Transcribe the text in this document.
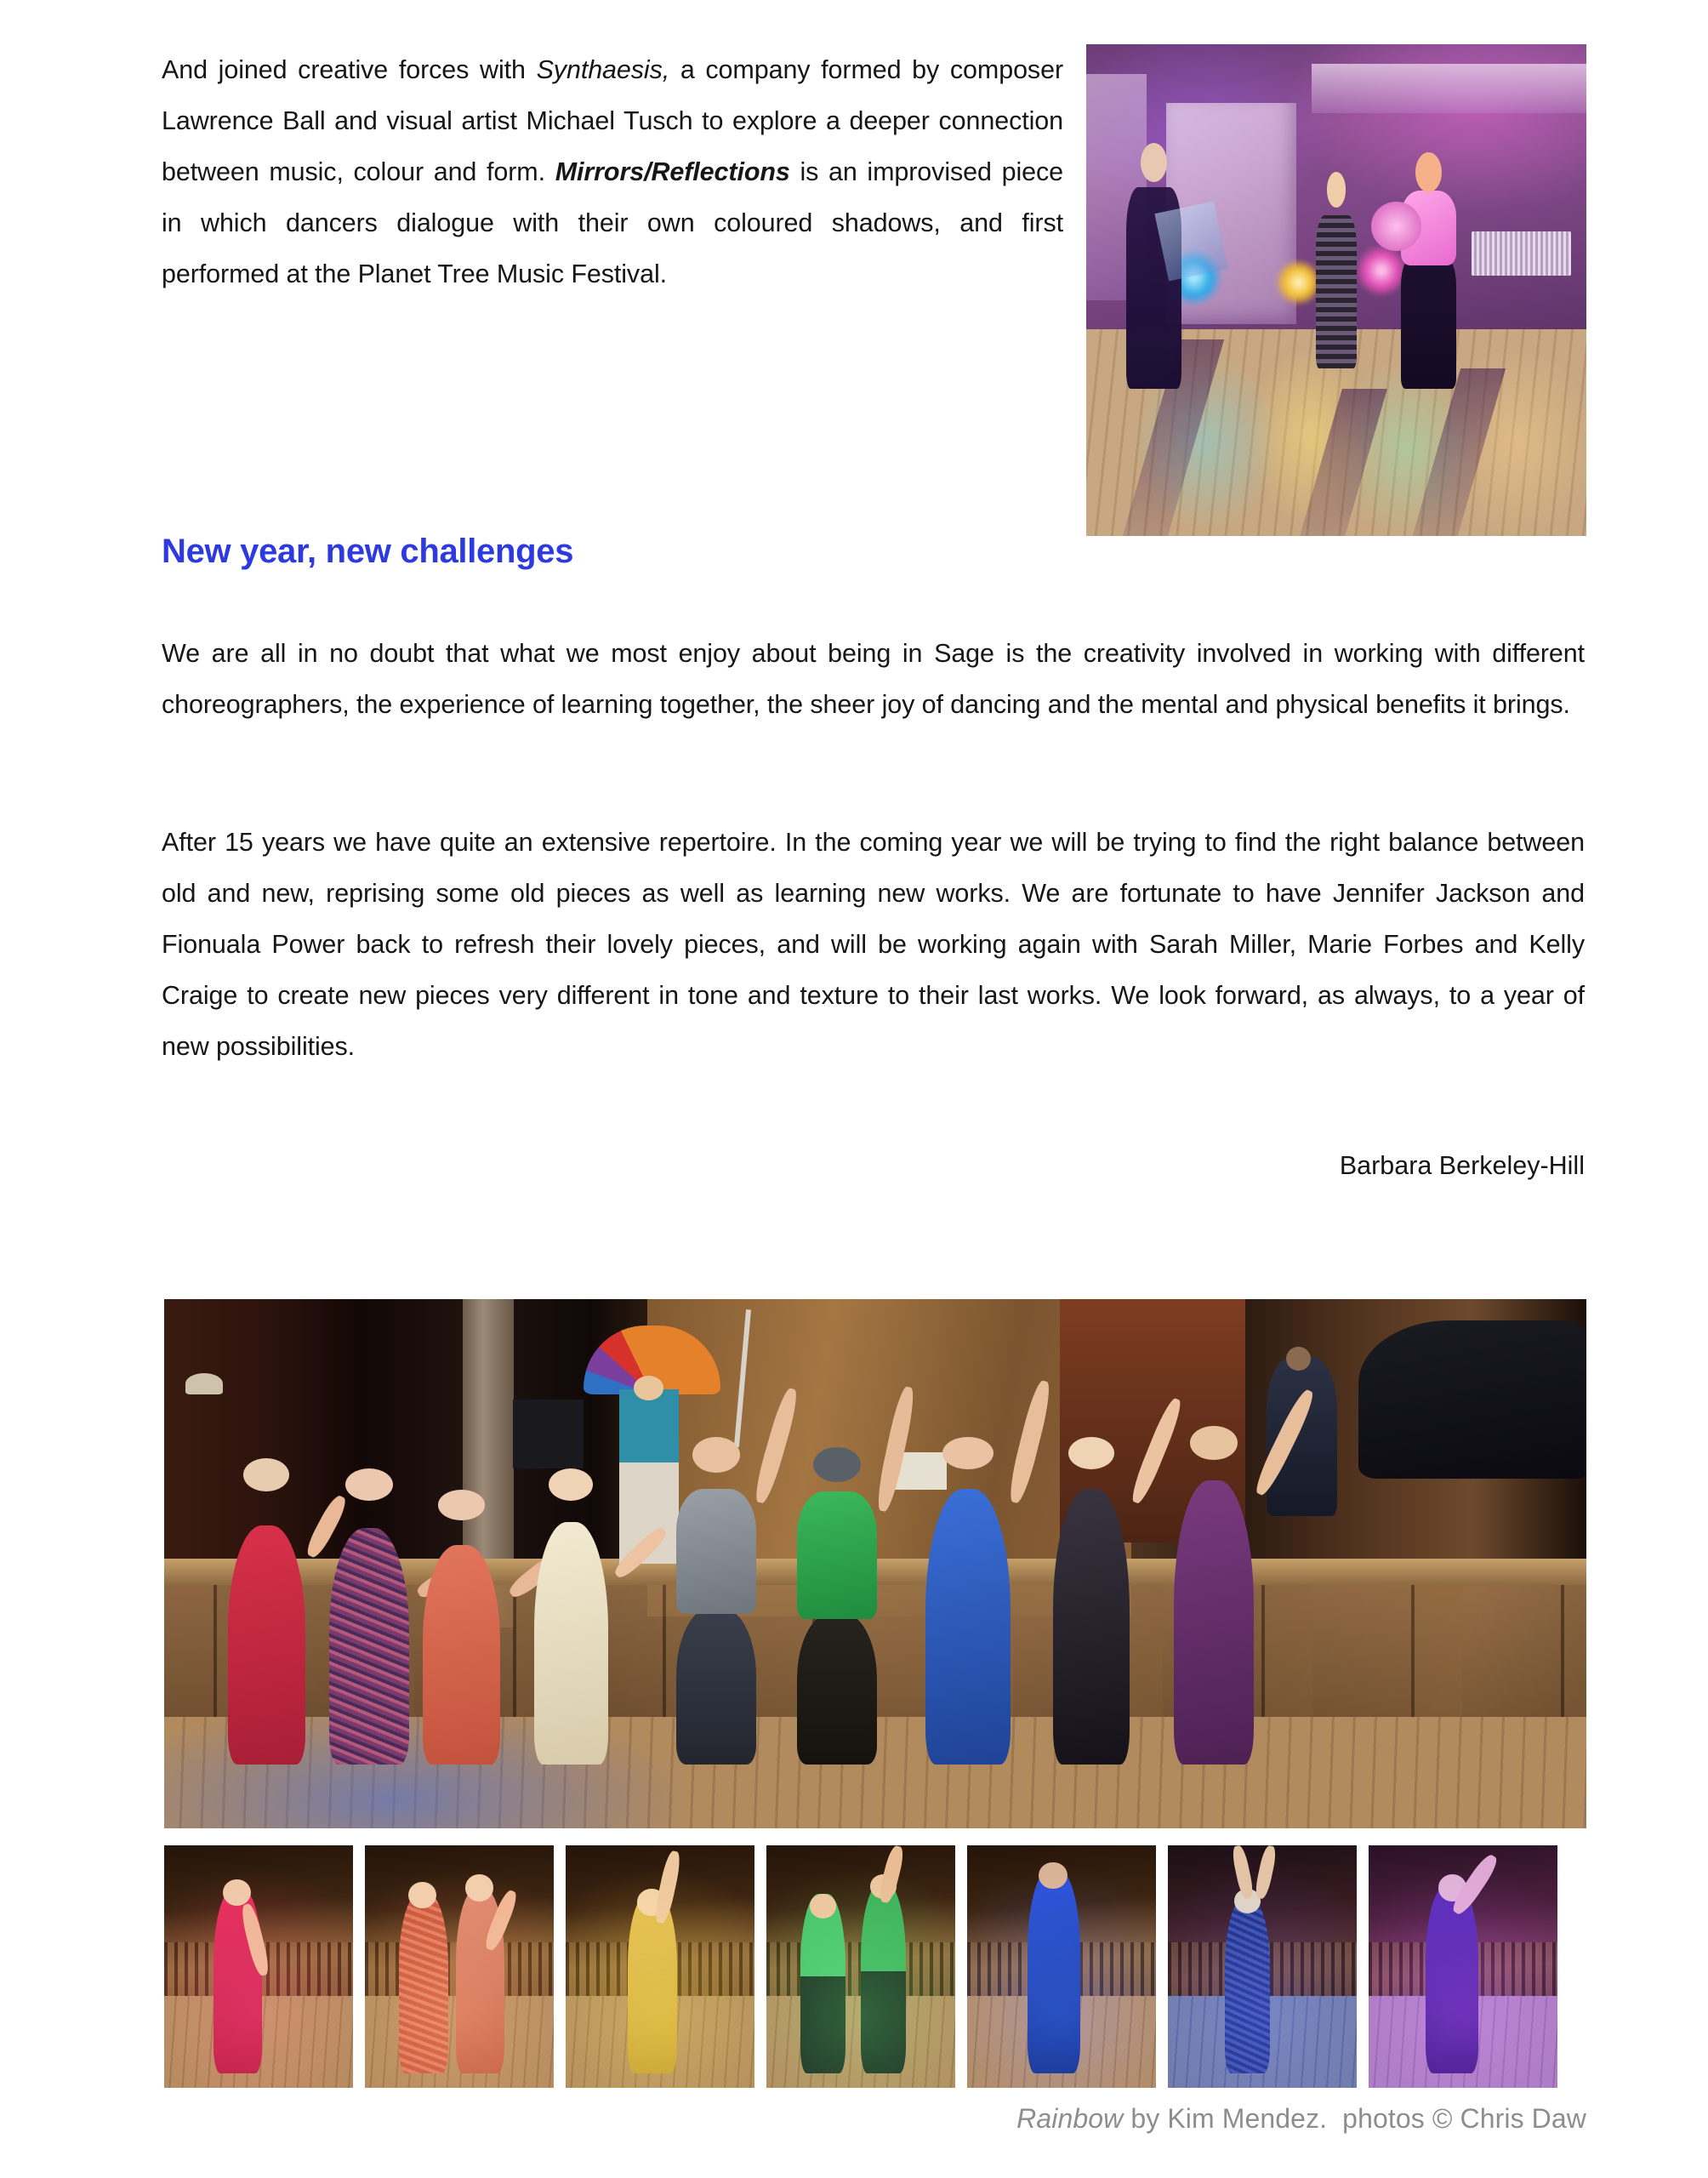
And joined creative forces with Synthaesis, a company formed by composer Lawrence Ball and visual artist Michael Tusch to explore a deeper connection between music, colour and form. Mirrors/Reflections is an improvised piece in which dancers dialogue with their own coloured shadows, and first performed at the Planet Tree Music Festival.

New year, new challenges

We are all in no doubt that what we most enjoy about being in Sage is the creativity involved in working with different choreographers, the experience of learning together, the sheer joy of dancing and the mental and physical benefits it brings.

After 15 years we have quite an extensive repertoire. In the coming year we will be trying to find the right balance between old and new, reprising some old pieces as well as learning new works. We are fortunate to have Jennifer Jackson and Fionuala Power back to refresh their lovely pieces, and will be working again with Sarah Miller, Marie Forbes and Kelly Craige to create new pieces very different in tone and texture to their last works. We look forward, as always, to a year of new possibilities.

Barbara Berkeley-Hill
Rainbow by Kim Mendez. photos © Chris Daw
